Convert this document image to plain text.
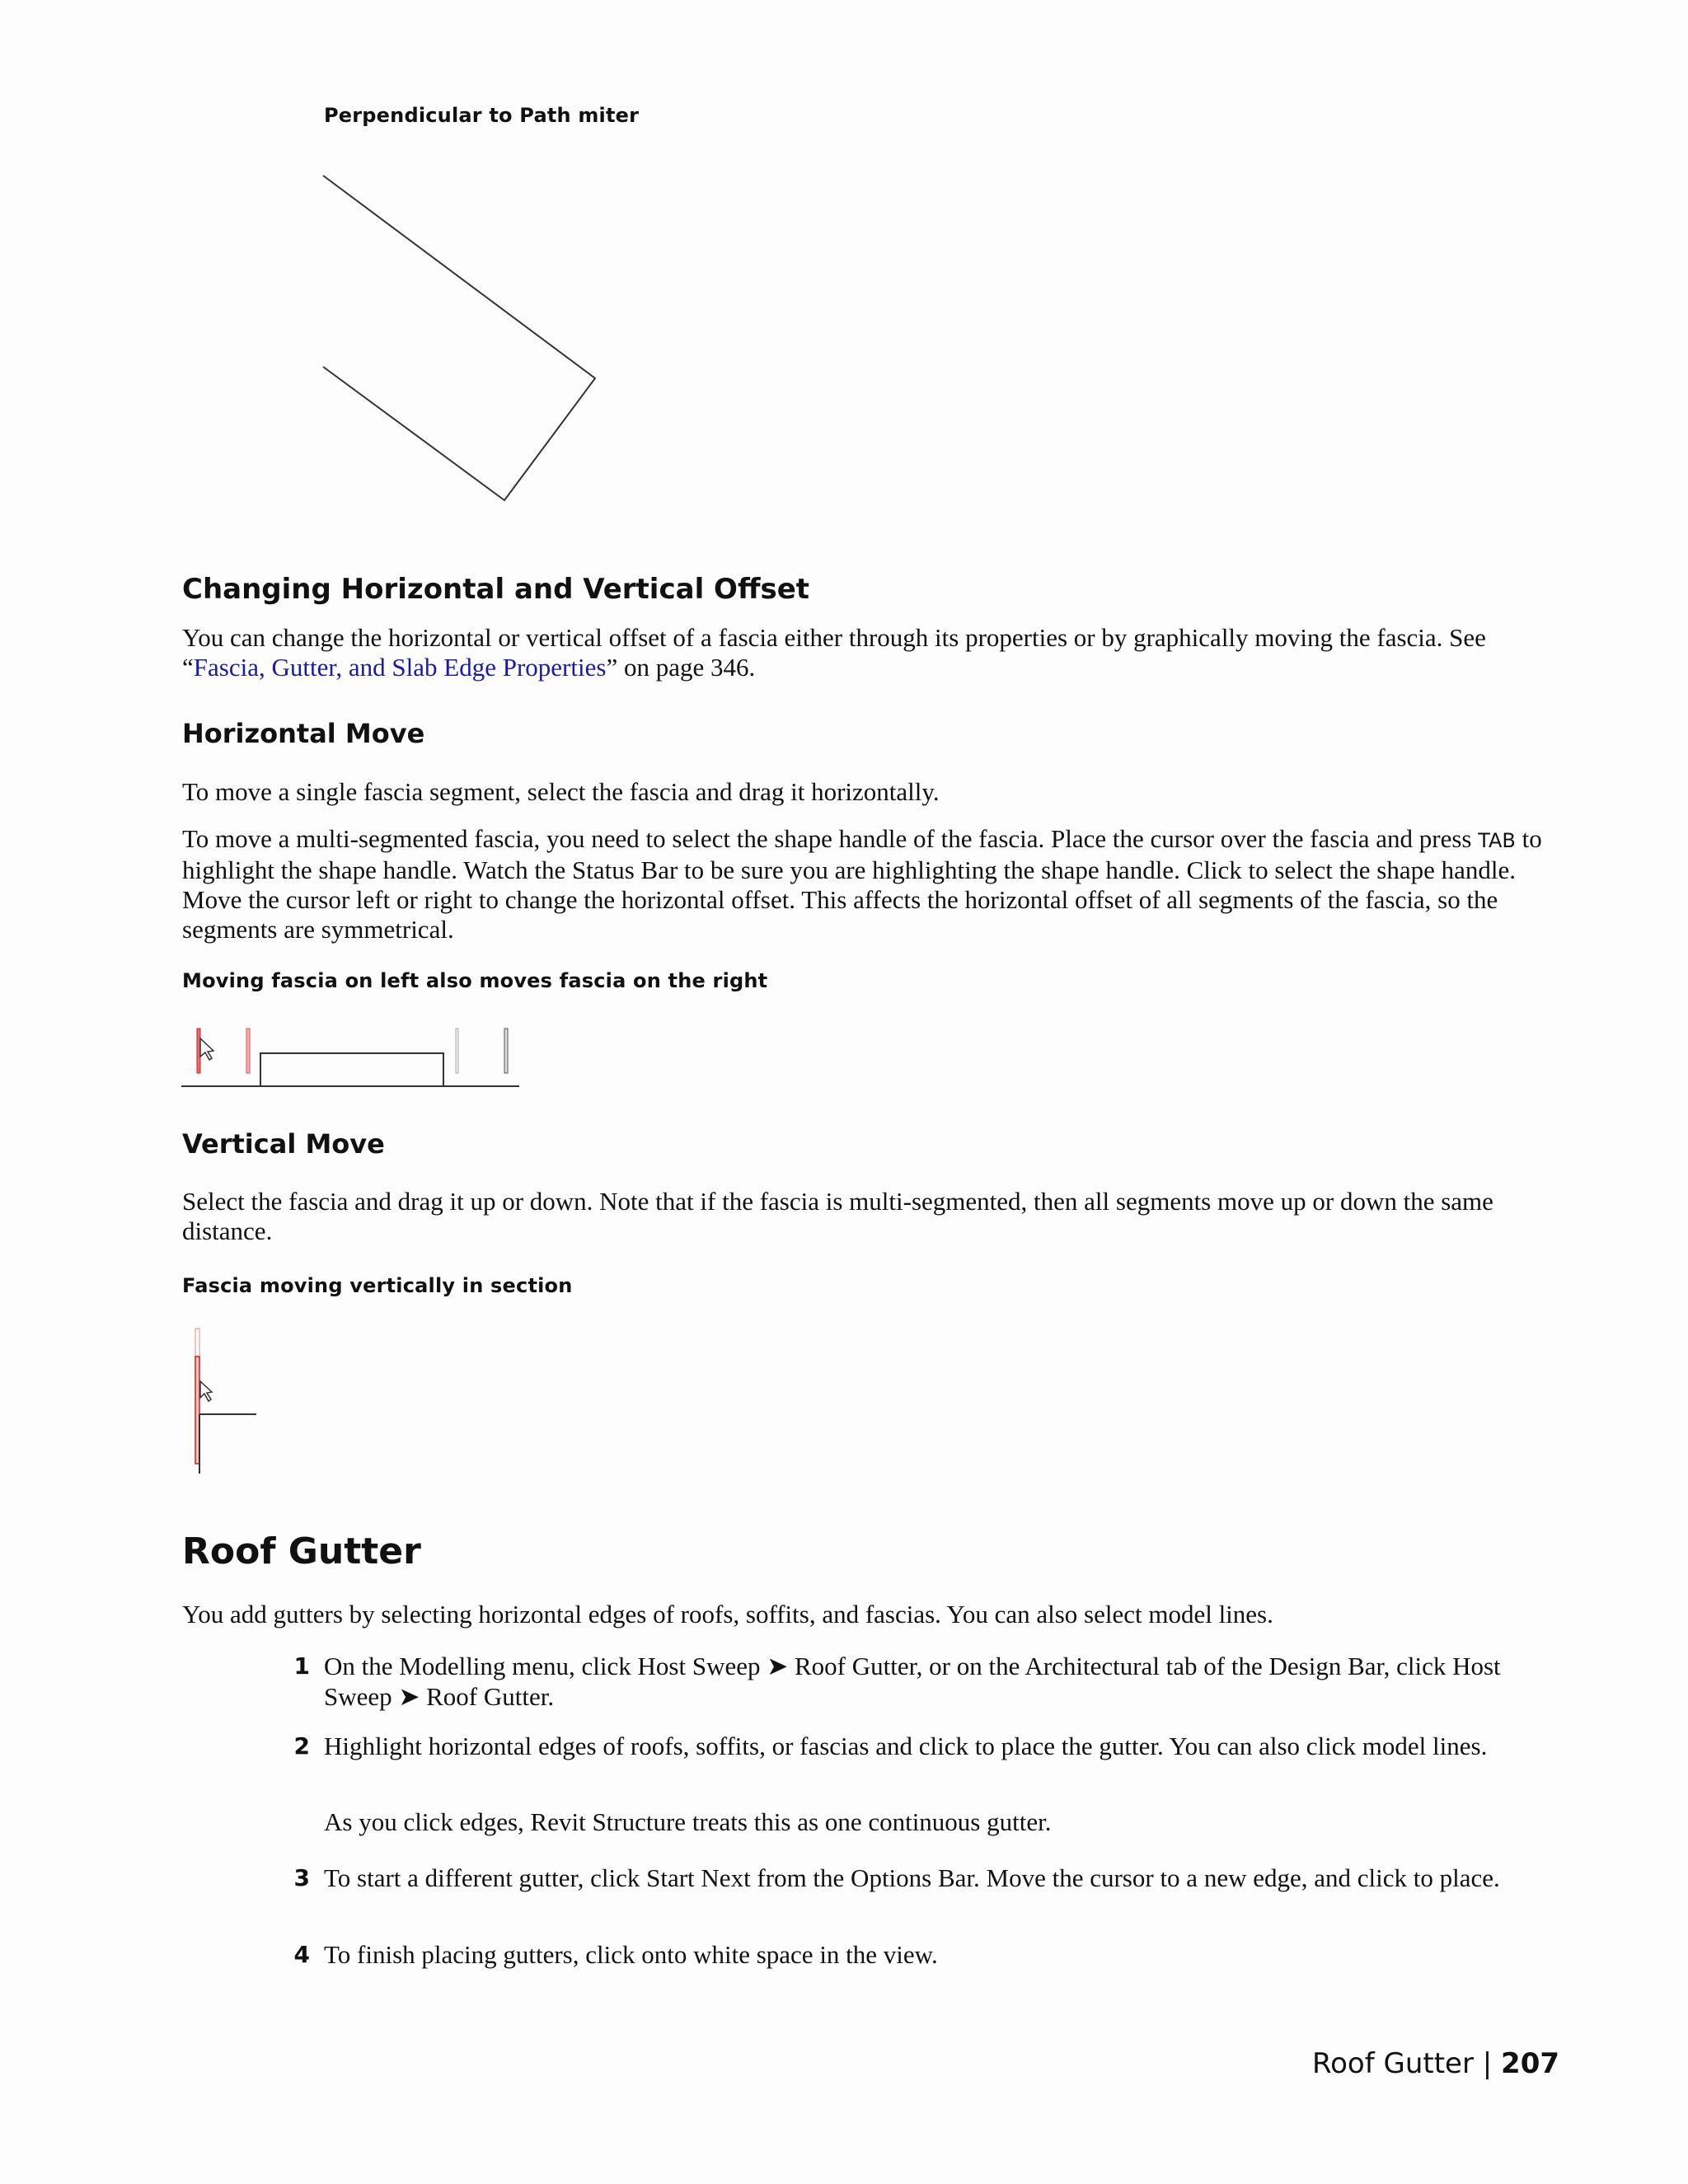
Perpendicular to Path miter
Changing Horizontal and Vertical Offset
You can change the horizontal or vertical offset of a fascia either through its properties or by graphically moving the fascia. See “Fascia, Gutter, and Slab Edge Properties” on page 346.
Horizontal Move
To move a single fascia segment, select the fascia and drag it horizontally.
To move a multi-segmented fascia, you need to select the shape handle of the fascia. Place the cursor over the fascia and press TAB to highlight the shape handle. Watch the Status Bar to be sure you are highlighting the shape handle. Click to select the shape handle. Move the cursor left or right to change the horizontal offset. This affects the horizontal offset of all segments of the fascia, so the segments are symmetrical.
Moving fascia on left also moves fascia on the right
Vertical Move
Select the fascia and drag it up or down. Note that if the fascia is multi-segmented, then all segments move up or down the same distance.
Fascia moving vertically in section
Roof Gutter
You add gutters by selecting horizontal edges of roofs, soffits, and fascias. You can also select model lines.
1 On the Modelling menu, click Host Sweep ➤ Roof Gutter, or on the Architectural tab of the Design Bar, click Host Sweep ➤ Roof Gutter.
2 Highlight horizontal edges of roofs, soffits, or fascias and click to place the gutter. You can also click model lines.
As you click edges, Revit Structure treats this as one continuous gutter.
3 To start a different gutter, click Start Next from the Options Bar. Move the cursor to a new edge, and click to place.
4 To finish placing gutters, click onto white space in the view.
Roof Gutter | 207
